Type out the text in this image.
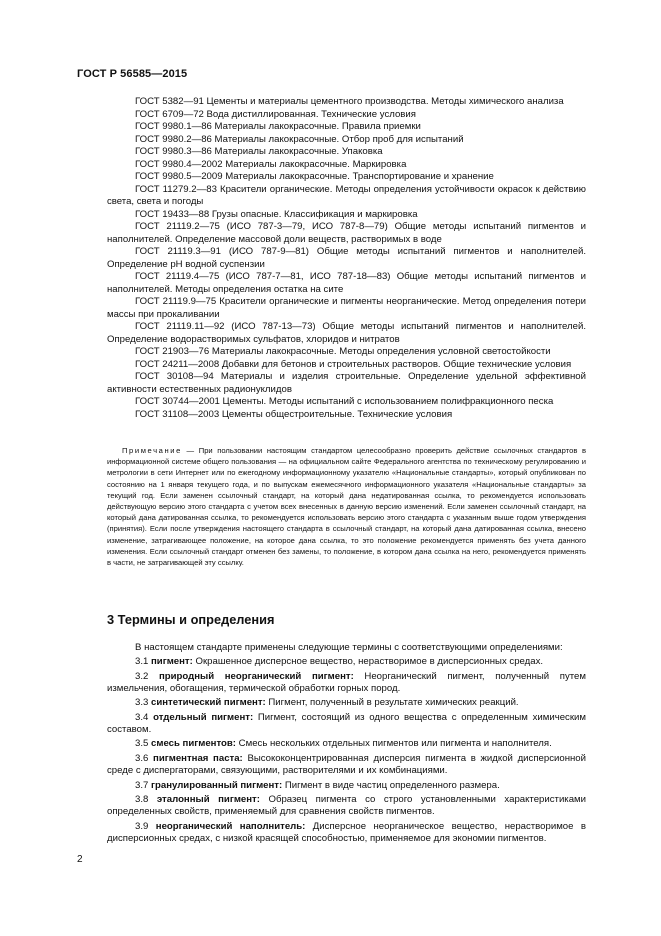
ГОСТ Р 56585—2015

ГОСТ 5382—91 Цементы и материалы цементного производства. Методы химического анализа

ГОСТ 6709—72 Вода дистиллированная. Технические условия

ГОСТ 9980.1—86 Материалы лакокрасочные. Правила приемки

ГОСТ 9980.2—86 Материалы лакокрасочные. Отбор проб для испытаний

ГОСТ 9980.3—86 Материалы лакокрасочные. Упаковка

ГОСТ 9980.4—2002 Материалы лакокрасочные. Маркировка

ГОСТ 9980.5—2009 Материалы лакокрасочные. Транспортирование и хранение

ГОСТ 11279.2—83 Красители органические. Методы определения устойчивости окрасок к действию света, света и погоды

ГОСТ 19433—88 Грузы опасные. Классификация и маркировка

ГОСТ 21119.2—75 (ИСО 787-3—79, ИСО 787-8—79) Общие методы испытаний пигментов и наполнителей. Определение массовой доли веществ, растворимых в воде

ГОСТ 21119.3—91 (ИСО 787-9—81) Общие методы испытаний пигментов и наполнителей. Определение pH водной суспензии

ГОСТ 21119.4—75 (ИСО 787-7—81, ИСО 787-18—83) Общие методы испытаний пигментов и наполнителей. Методы определения остатка на сите

ГОСТ 21119.9—75 Красители органические и пигменты неорганические. Метод определения потери массы при прокаливании

ГОСТ 21119.11—92 (ИСО 787-13—73) Общие методы испытаний пигментов и наполнителей. Определение водорастворимых сульфатов, хлоридов и нитратов

ГОСТ 21903—76 Материалы лакокрасочные. Методы определения условной светостойкости

ГОСТ 24211—2008 Добавки для бетонов и строительных растворов. Общие технические условия

ГОСТ 30108—94 Материалы и изделия строительные. Определение удельной эффективной активности естественных радионуклидов

ГОСТ 30744—2001 Цементы. Методы испытаний с использованием полифракционного песка

ГОСТ 31108—2003 Цементы общестроительные. Технические условия

Примечание — При пользовании настоящим стандартом целесообразно проверить действие ссылочных стандартов в информационной системе общего пользования — на официальном сайте Федерального агентства по техническому регулированию и метрологии в сети Интернет или по ежегодному информационному указателю «Национальные стандарты», который опубликован по состоянию на 1 января текущего года, и по выпускам ежемесячного информационного указателя «Национальные стандарты» за текущий год. Если заменен ссылочный стандарт, на который дана недатированная ссылка, то рекомендуется использовать действующую версию этого стандарта с учетом всех внесенных в данную версию изменений. Если заменен ссылочный стандарт, на который дана датированная ссылка, то рекомендуется использовать версию этого стандарта с указанным выше годом утверждения (принятия). Если после утверждения настоящего стандарта в ссылочный стандарт, на который дана датированная ссылка, внесено изменение, затрагивающее положение, на которое дана ссылка, то это положение рекомендуется применять без учета данного изменения. Если ссылочный стандарт отменен без замены, то положение, в котором дана ссылка на него, рекомендуется применять в части, не затрагивающей эту ссылку.

3 Термины и определения

В настоящем стандарте применены следующие термины с соответствующими определениями:

3.1 пигмент: Окрашенное дисперсное вещество, нерастворимое в дисперсионных средах.

3.2 природный неорганический пигмент: Неорганический пигмент, полученный путем измельчения, обогащения, термической обработки горных пород.

3.3 синтетический пигмент: Пигмент, полученный в результате химических реакций.

3.4 отдельный пигмент: Пигмент, состоящий из одного вещества с определенным химическим составом.

3.5 смесь пигментов: Смесь нескольких отдельных пигментов или пигмента и наполнителя.

3.6 пигментная паста: Высококонцентрированная дисперсия пигмента в жидкой дисперсионной среде с диспергаторами, связующими, растворителями и их комбинациями.

3.7 гранулированный пигмент: Пигмент в виде частиц определенного размера.

3.8 эталонный пигмент: Образец пигмента со строго установленными характеристиками определенных свойств, применяемый для сравнения свойств пигментов.

3.9 неорганический наполнитель: Дисперсное неорганическое вещество, нерастворимое в дисперсионных средах, с низкой красящей способностью, применяемое для экономии пигментов.

2
